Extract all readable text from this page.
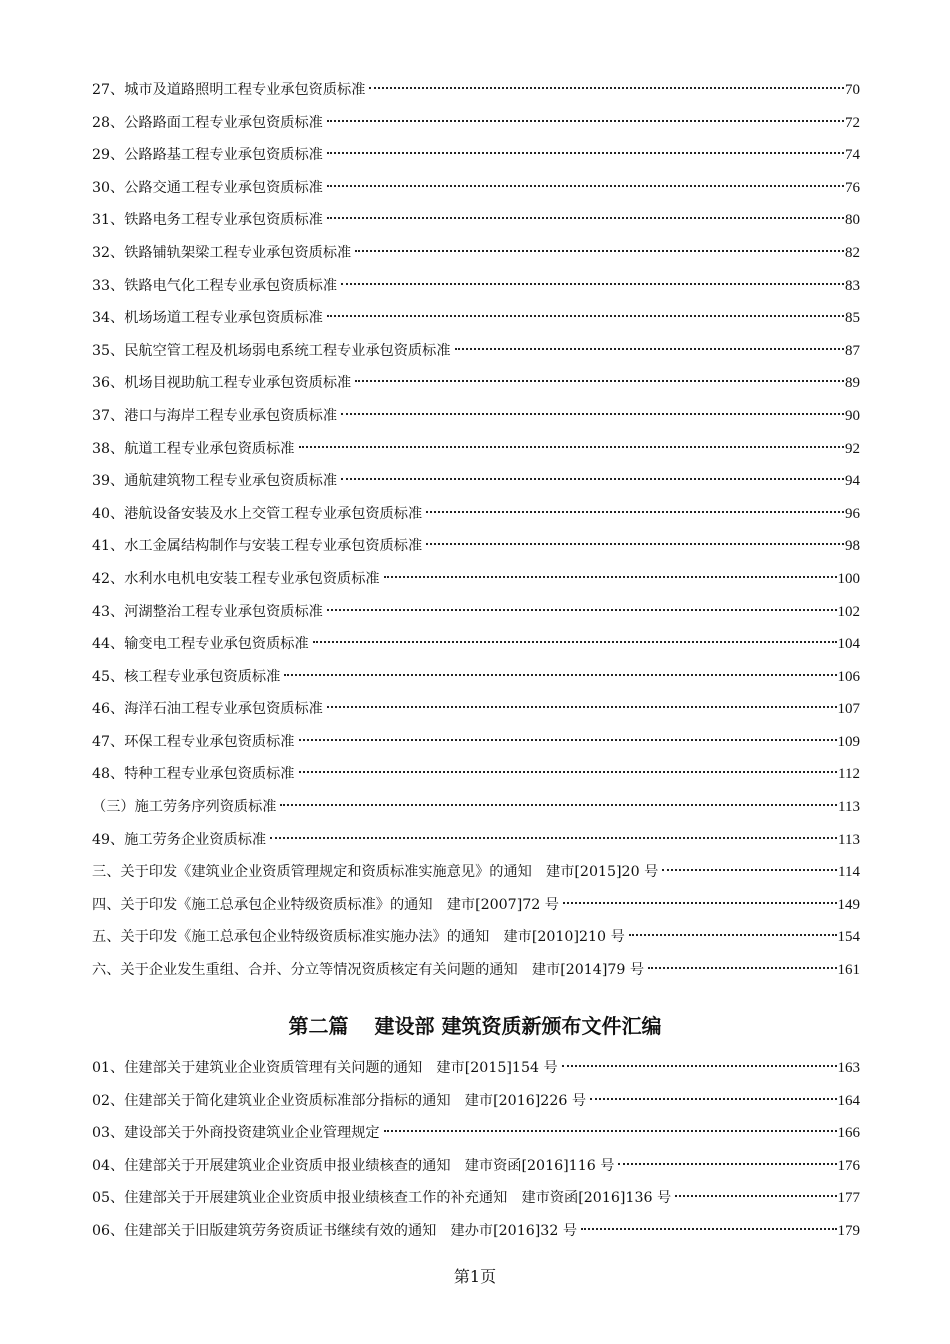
27、城市及道路照明工程专业承包资质标准	70
28、公路路面工程专业承包资质标准	72
29、公路路基工程专业承包资质标准	74
30、公路交通工程专业承包资质标准	76
31、铁路电务工程专业承包资质标准	80
32、铁路铺轨架梁工程专业承包资质标准	82
33、铁路电气化工程专业承包资质标准	83
34、机场场道工程专业承包资质标准	85
35、民航空管工程及机场弱电系统工程专业承包资质标准	87
36、机场目视助航工程专业承包资质标准	89
37、港口与海岸工程专业承包资质标准	90
38、航道工程专业承包资质标准	92
39、通航建筑物工程专业承包资质标准	94
40、港航设备安装及水上交管工程专业承包资质标准	96
41、水工金属结构制作与安装工程专业承包资质标准	98
42、水利水电机电安装工程专业承包资质标准	100
43、河湖整治工程专业承包资质标准	102
44、输变电工程专业承包资质标准	104
45、核工程专业承包资质标准	106
46、海洋石油工程专业承包资质标准	107
47、环保工程专业承包资质标准	109
48、特种工程专业承包资质标准	112
（三）施工劳务序列资质标准	113
49、施工劳务企业资质标准	113
三、关于印发《建筑业企业资质管理规定和资质标准实施意见》的通知　建市[2015]20 号	114
四、关于印发《施工总承包企业特级资质标准》的通知　建市[2007]72 号	149
五、关于印发《施工总承包企业特级资质标准实施办法》的通知　建市[2010]210 号	154
六、关于企业发生重组、合并、分立等情况资质核定有关问题的通知　建市[2014]79 号	161
第二篇 建设部 建筑资质新颁布文件汇编
01、住建部关于建筑业企业资质管理有关问题的通知　建市[2015]154 号	163
02、住建部关于简化建筑业企业资质标准部分指标的通知　建市[2016]226 号	164
03、建设部关于外商投资建筑业企业管理规定	166
04、住建部关于开展建筑业企业资质申报业绩核查的通知　建市资函[2016]116 号	176
05、住建部关于开展建筑业企业资质申报业绩核查工作的补充通知　建市资函[2016]136 号	177
06、住建部关于旧版建筑劳务资质证书继续有效的通知　建办市[2016]32 号	179
第1页
